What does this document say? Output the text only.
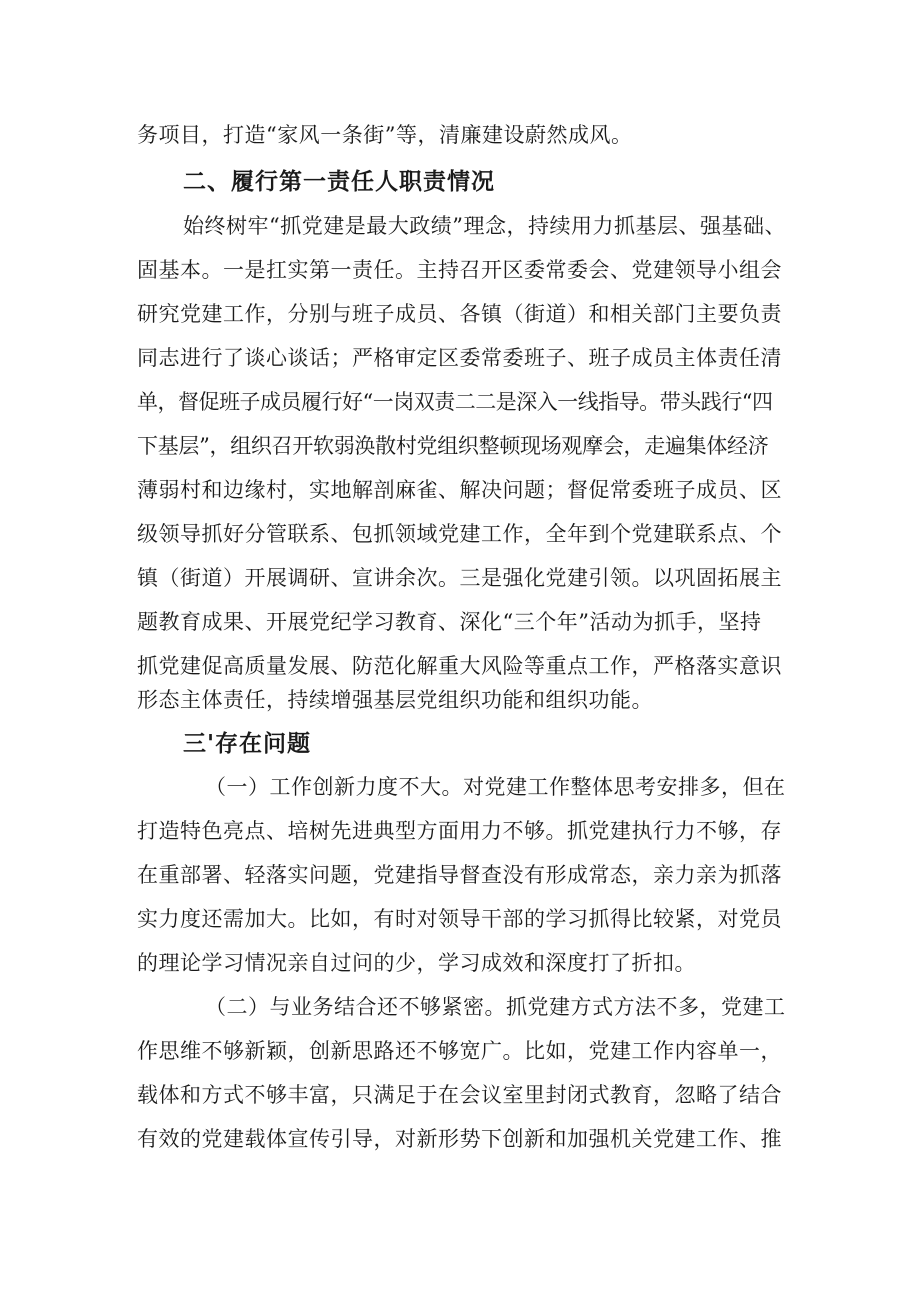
务项目，打造“家风一条街”等，清廉建设蔚然成风。
二、履行第一责任人职责情况
始终树牢“抓党建是最大政绩”理念，持续用力抓基层、强基础、
固基本。一是扛实第一责任。主持召开区委常委会、党建领导小组会
研究党建工作，分别与班子成员、各镇（街道）和相关部门主要负责
同志进行了谈心谈话；严格审定区委常委班子、班子成员主体责任清
单，督促班子成员履行好“一岗双责二二是深入一线指导。带头践行“四
下基层”，组织召开软弱涣散村党组织整顿现场观摩会，走遍集体经济
薄弱村和边缘村，实地解剖麻雀、解决问题；督促常委班子成员、区
级领导抓好分管联系、包抓领域党建工作，全年到个党建联系点、个
镇（街道）开展调研、宣讲余次。三是强化党建引领。以巩固拓展主
题教育成果、开展党纪学习教育、深化“三个年”活动为抓手，坚持
抓党建促高质量发展、防范化解重大风险等重点工作，严格落实意识
形态主体责任，持续增强基层党组织功能和组织功能。
三'存在问题
（一）工作创新力度不大。对党建工作整体思考安排多，但在
打造特色亮点、培树先进典型方面用力不够。抓党建执行力不够，存
在重部署、轻落实问题，党建指导督查没有形成常态，亲力亲为抓落
实力度还需加大。比如，有时对领导干部的学习抓得比较紧，对党员
的理论学习情况亲自过问的少，学习成效和深度打了折扣。
（二）与业务结合还不够紧密。抓党建方式方法不多，党建工
作思维不够新颖，创新思路还不够宽广。比如，党建工作内容单一，
载体和方式不够丰富，只满足于在会议室里封闭式教育，忽略了结合
有效的党建载体宣传引导，对新形势下创新和加强机关党建工作、推
